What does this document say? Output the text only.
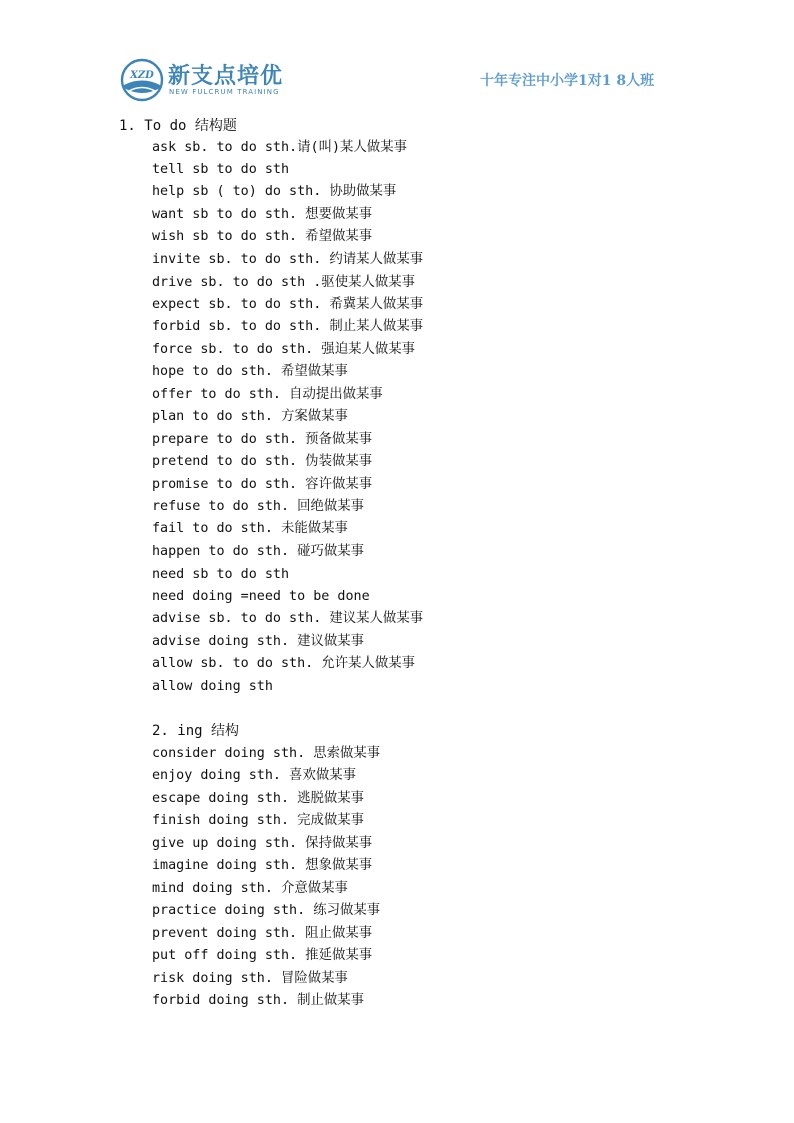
XZD 新支点培优
NEW FULCRUM TRAINING
十年专注中小学1对1 8人班
1. To do 结构题
ask sb. to do sth.请(叫)某人做某事
tell sb to do sth
help sb ( to) do sth. 协助做某事
want sb to do sth. 想要做某事
wish sb to do sth. 希望做某事
invite sb. to do sth. 约请某人做某事
drive sb. to do sth .驱使某人做某事
expect sb. to do sth. 希冀某人做某事
forbid sb. to do sth. 制止某人做某事
force sb. to do sth. 强迫某人做某事
hope to do sth. 希望做某事
offer to do sth. 自动提出做某事
plan to do sth. 方案做某事
prepare to do sth. 预备做某事
pretend to do sth. 伪装做某事
promise to do sth. 容许做某事
refuse to do sth. 回绝做某事
fail to do sth. 未能做某事
happen to do sth. 碰巧做某事
need sb to do sth
need doing =need to be done
advise sb. to do sth. 建议某人做某事
advise doing sth. 建议做某事
allow sb. to do sth. 允许某人做某事
allow doing sth
2. ing 结构
consider doing sth. 思索做某事
enjoy doing sth. 喜欢做某事
escape doing sth. 逃脱做某事
finish doing sth. 完成做某事
give up doing sth. 保持做某事
imagine doing sth. 想象做某事
mind doing sth. 介意做某事
practice doing sth. 练习做某事
prevent doing sth. 阻止做某事
put off doing sth. 推延做某事
risk doing sth. 冒险做某事
forbid doing sth. 制止做某事
